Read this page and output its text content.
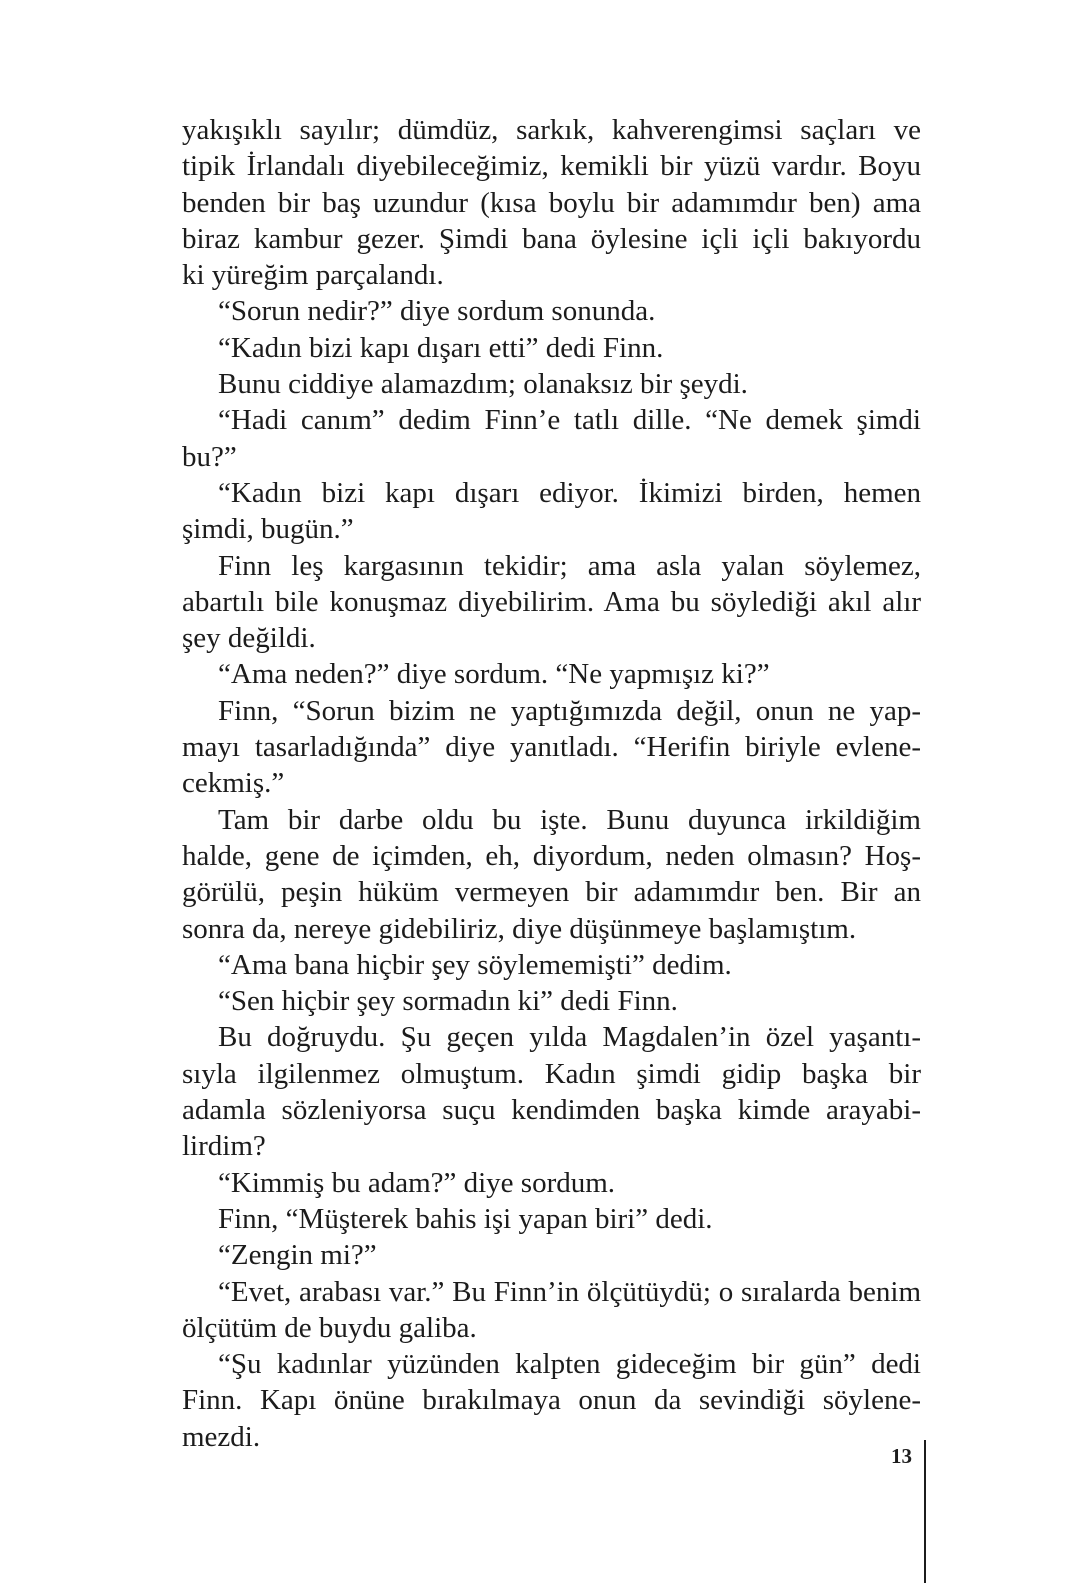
yakışıklı sayılır; dümdüz, sarkık, kahverengimsi saçları ve
tipik İrlandalı diyebileceğimiz, kemikli bir yüzü vardır. Boyu
benden bir baş uzundur (kısa boylu bir adamımdır ben) ama
biraz kambur gezer. Şimdi bana öylesine içli içli bakıyordu
ki yüreğim parçalandı.
“Sorun nedir?” diye sordum sonunda.
“Kadın bizi kapı dışarı etti” dedi Finn.
Bunu ciddiye alamazdım; olanaksız bir şeydi.
“Hadi canım” dedim Finn’e tatlı dille. “Ne demek şimdi
bu?”
“Kadın bizi kapı dışarı ediyor. İkimizi birden, hemen
şimdi, bugün.”
Finn leş kargasının tekidir; ama asla yalan söylemez,
abartılı bile konuşmaz diyebilirim. Ama bu söylediği akıl alır
şey değildi.
“Ama neden?” diye sordum. “Ne yapmışız ki?”
Finn, “Sorun bizim ne yaptığımızda değil, onun ne yap-
mayı tasarladığında” diye yanıtladı. “Herifin biriyle evlene-
cekmiş.”
Tam bir darbe oldu bu işte. Bunu duyunca irkildiğim
halde, gene de içimden, eh, diyordum, neden olmasın? Hoş-
görülü, peşin hüküm vermeyen bir adamımdır ben. Bir an
sonra da, nereye gidebiliriz, diye düşünmeye başlamıştım.
“Ama bana hiçbir şey söylememişti” dedim.
“Sen hiçbir şey sormadın ki” dedi Finn.
Bu doğruydu. Şu geçen yılda Magdalen’in özel yaşantı-
sıyla ilgilenmez olmuştum. Kadın şimdi gidip başka bir
adamla sözleniyorsa suçu kendimden başka kimde arayabi-
lirdim?
“Kimmiş bu adam?” diye sordum.
Finn, “Müşterek bahis işi yapan biri” dedi.
“Zengin mi?”
“Evet, arabası var.” Bu Finn’in ölçütüydü; o sıralarda benim
ölçütüm de buydu galiba.
“Şu kadınlar yüzünden kalpten gideceğim bir gün” dedi
Finn. Kapı önüne bırakılmaya onun da sevindiği söylene-
mezdi.
13
